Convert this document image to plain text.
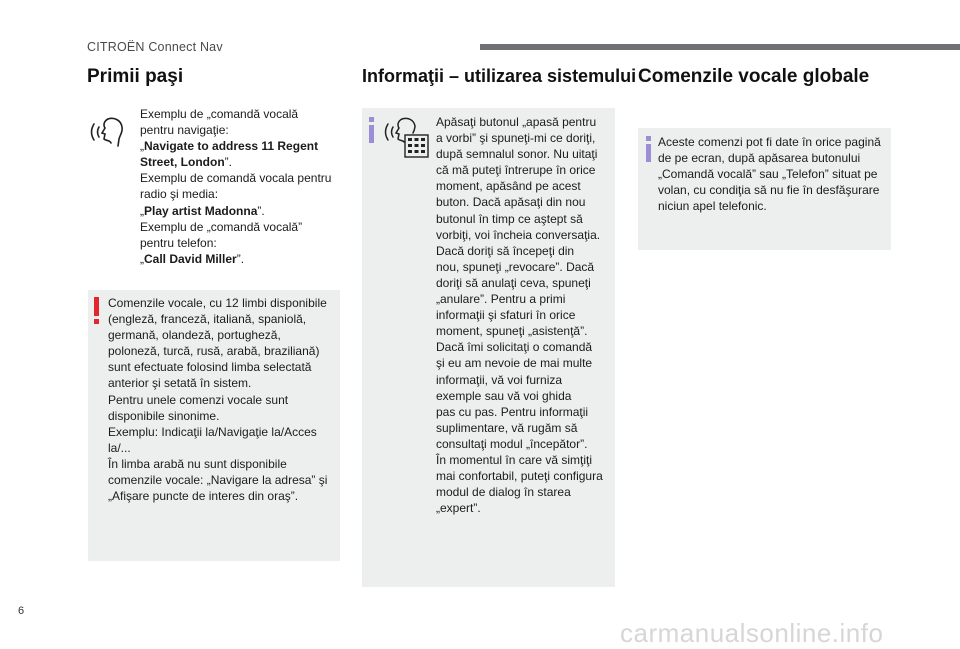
CITROËN Connect Nav
Primii paşi

Exemplu de „comandă vocală

pentru navigaţie:

„Navigate to address 11 Regent

Street, London”.

Exemplu de comandă vocala pentru

radio şi media:

„Play artist Madonna”.

Exemplu de „comandă vocală”

pentru telefon:

„Call David Miller”.

Comenzile vocale, cu 12 limbi disponibile

(engleză, franceză, italiană, spaniolă,

germană, olandeză, portugheză,

poloneză, turcă, rusă, arabă, braziliană)

sunt efectuate folosind limba selectată

anterior şi setată în sistem.

Pentru unele comenzi vocale sunt

disponibile sinonime.

Exemplu: Indicaţii la/Navigaţie la/Acces

la/...

În limba arabă nu sunt disponibile

comenzile vocale: „Navigare la adresa” şi

„Afişare puncte de interes din oraş”.

Informaţii – utilizarea sistemului

Apăsaţi butonul „apasă pentru

a vorbi” şi spuneţi-mi ce doriţi,

după semnalul sonor. Nu uitaţi

că mă puteţi întrerupe în orice

moment, apăsând pe acest

buton. Dacă apăsaţi din nou

butonul în timp ce aştept să

vorbiţi, voi încheia conversaţia.

Dacă doriţi să începeţi din

nou, spuneţi „revocare”. Dacă

doriţi să anulaţi ceva, spuneţi

„anulare”. Pentru a primi

informaţii şi sfaturi în orice

moment, spuneţi „asistenţă”.

Dacă îmi solicitaţi o comandă

şi eu am nevoie de mai multe

informaţii, vă voi furniza

exemple sau vă voi ghida

pas cu pas. Pentru informaţii

suplimentare, vă rugăm să

consultaţi modul „începător”.

În momentul în care vă simţiţi

mai confortabil, puteţi configura

modul de dialog în starea

„expert”.

Comenzile vocale globale

Aceste comenzi pot fi date în orice pagină

de pe ecran, după apăsarea butonului

„Comandă vocală” sau „Telefon” situat pe

volan, cu condiţia să nu fie în desfăşurare

niciun apel telefonic.

6
carmanualsonline.info
